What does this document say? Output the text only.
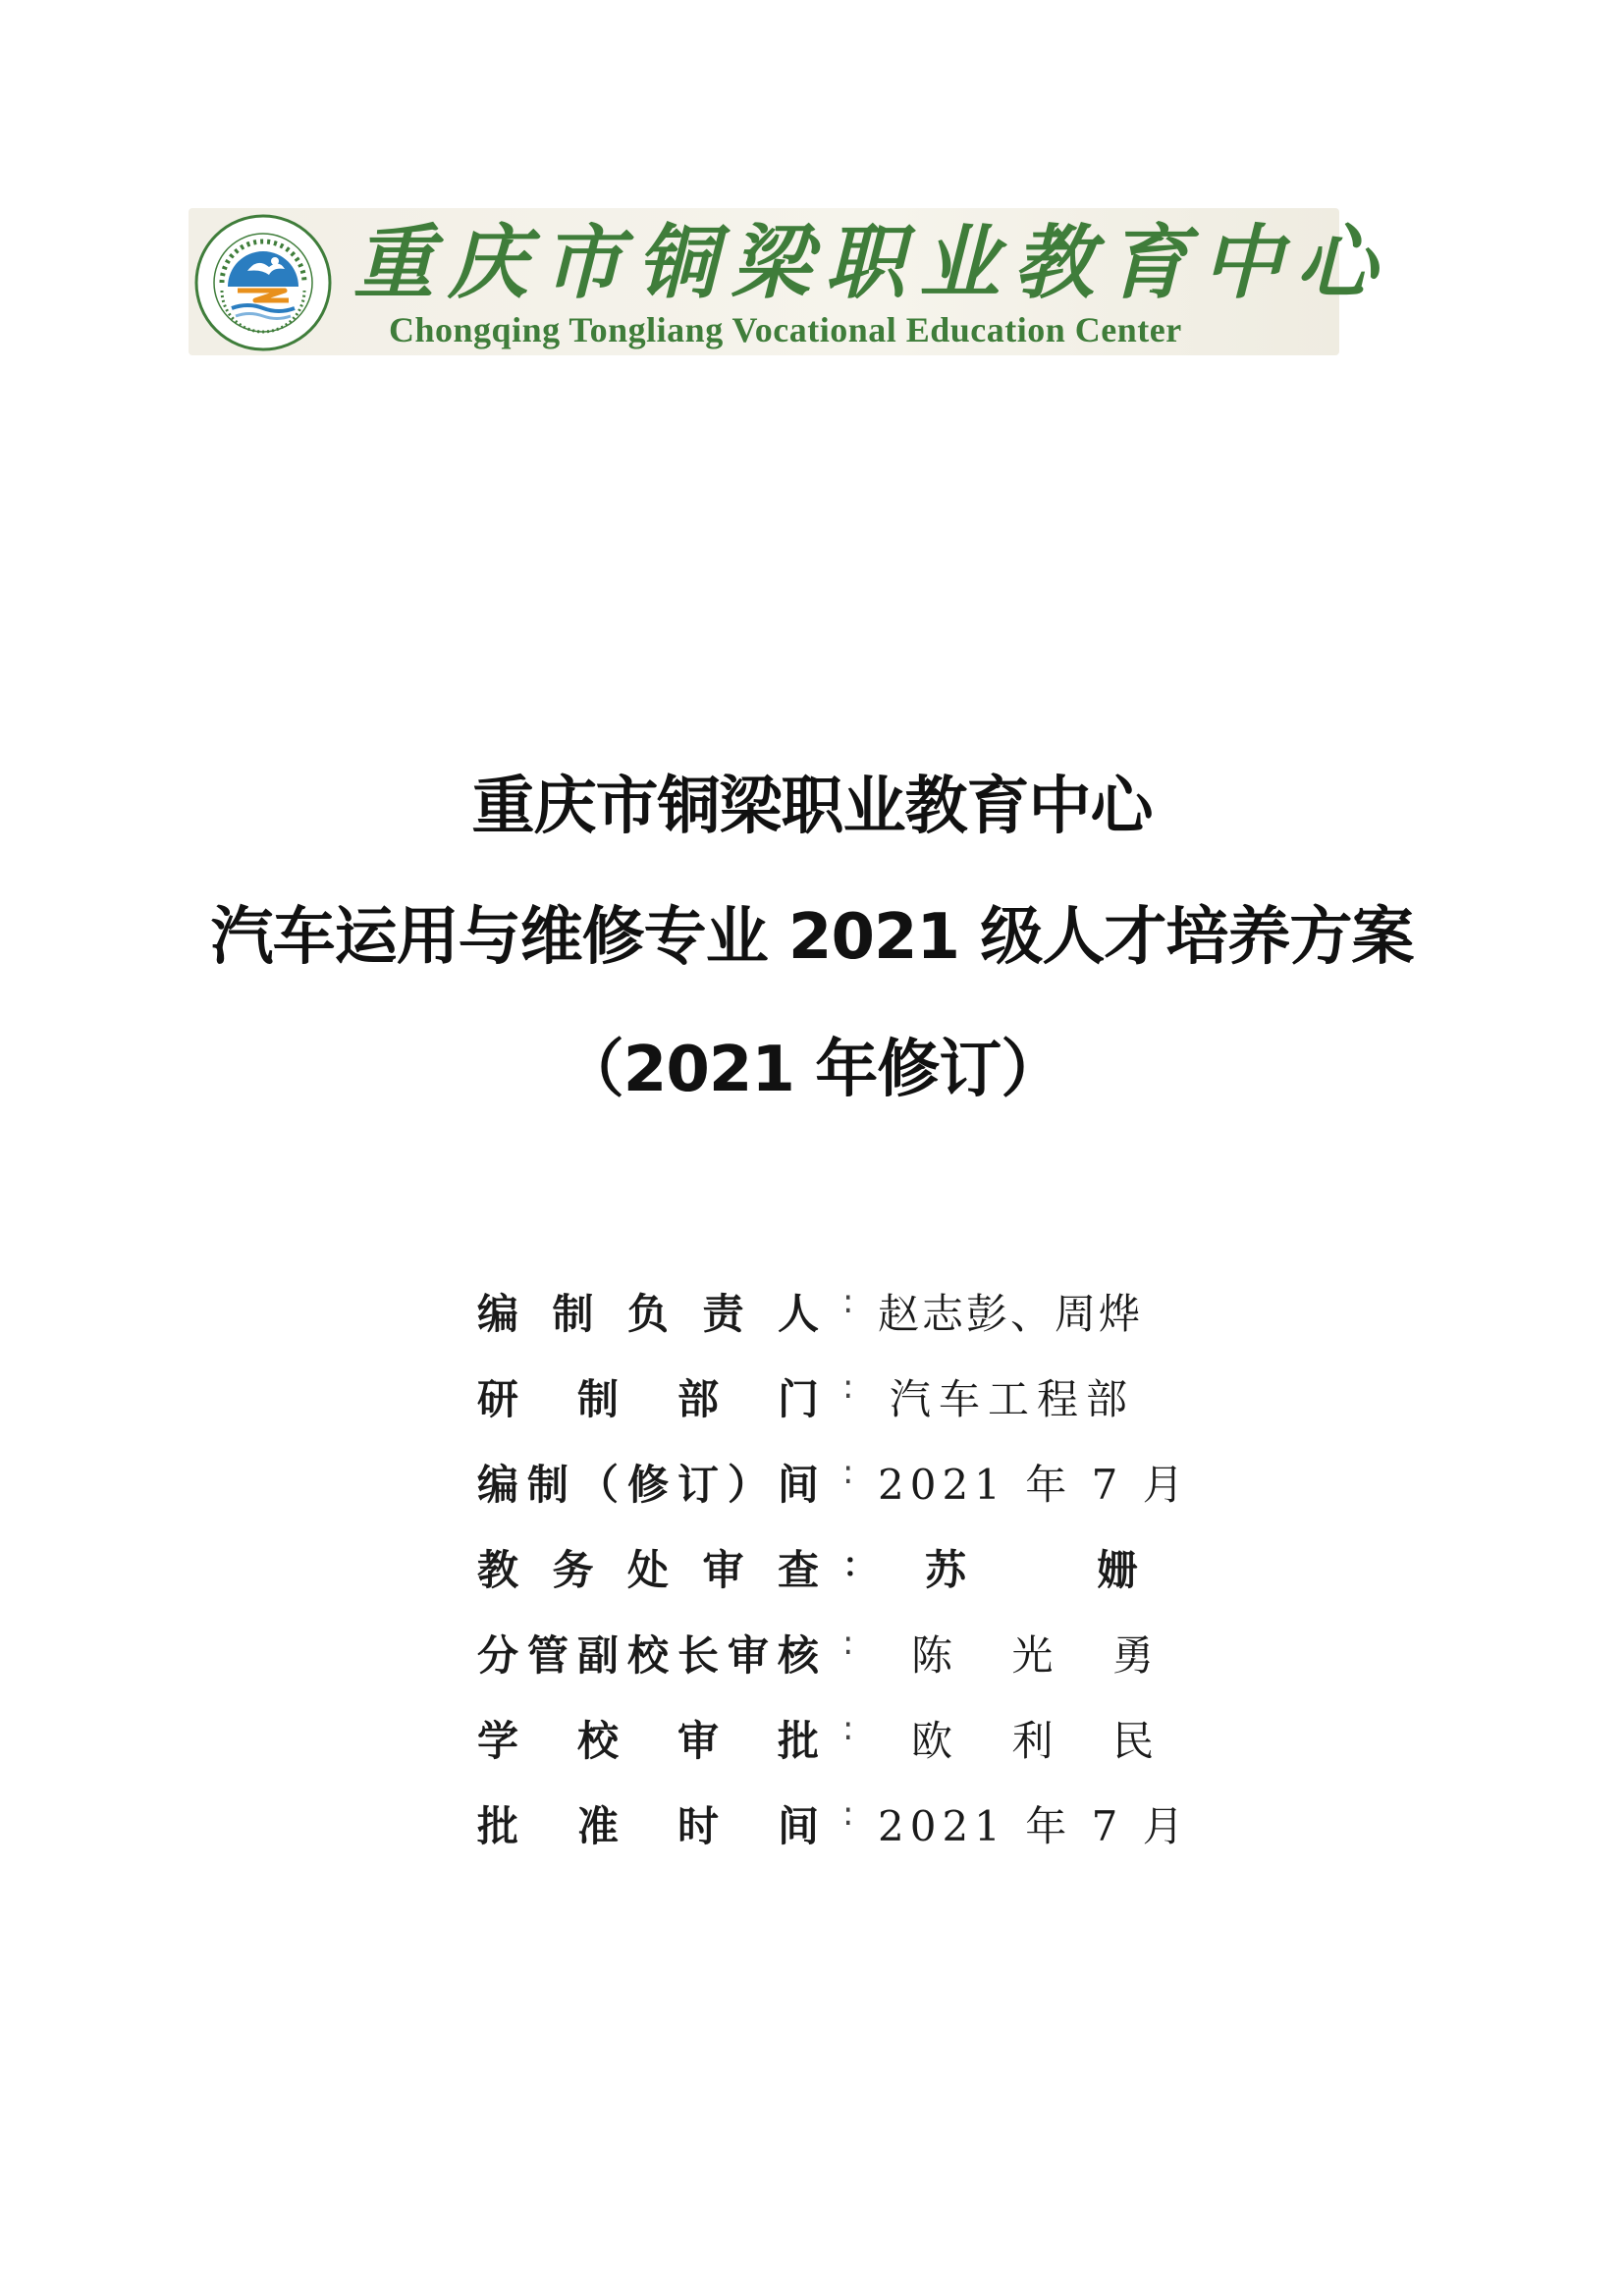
重庆市铜梁职业教育中心
Chongqing Tongliang Vocational Education Center
重庆市铜梁职业教育中心
汽车运用与维修专业 2021 级人才培养方案
（2021 年修订）
编 制 负 责 人 : 赵志彭、周烨
研 制 部 门 : 汽车工程部
编 制 （ 修 订 ） 间 : 2021 年 7 月
教 务 处 审 查 ： 苏	姗
分 管 副 校 长 审 核 : 陈 光 勇
学 校 审 批 : 欧 利 民
批 准 时 间 : 2021 年 7 月
